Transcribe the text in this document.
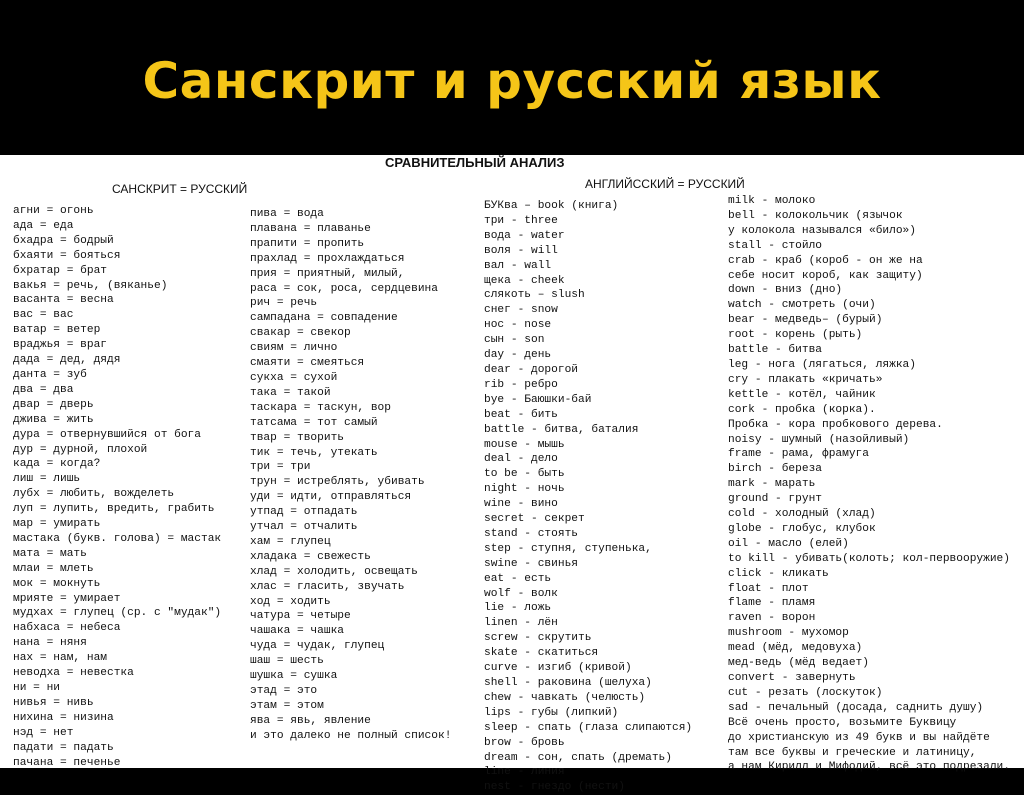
Санскрит и русский язык
СРАВНИТЕЛЬНЫЙ АНАЛИЗ
САНСКРИТ = РУССКИЙ	АНГЛИЙССКИЙ = РУССКИЙ
агни = огонь
ада = еда
бхадра = бодрый
бхаяти = бояться
бхратар = брат
вакья = речь, (вяканье)
васанта = весна
вас = вас
ватар = ветер
враджья = враг
дада = дед, дядя
данта = зуб
два = два
двар = дверь
джива = жить
дура = отвернувшийся от бога
дур = дурной, плохой
када = когда?
лиш = лишь
лубх = любить, вожделеть
луп = лупить, вредить, грабить
мар = умирать
мастака (букв. голова) = мастак
мата = мать
млаи = млеть
мок = мокнуть
мрияте = умирает
мудхах = глупец (ср. с "мудак")
набхаса = небеса
нана = няня
нах = нам, нам
неводха = невестка
ни = ни
нивья = нивь
нихина = низина
нэд = нет
падати = падать
пачана = печенье
пива = вода
плавана = плаванье
прапити = пропить
прахлад = прохлаждаться
прия = приятный, милый,
раса = сок, роса, сердцевина
рич = речь
сампадана = совпадение
свакар = свекор
свиям = лично
смаяти = смеяться
сукха = сухой
така = такой
таскара = таскун, вор
татсама = тот самый
твар = творить
тик = течь, утекать
три = три
трун = истреблять, убивать
уди = идти, отправляться
утпад = отпадать
утчал = отчалить
хам = глупец
хладака = свежесть
хлад = холодить, освещать
хлас = гласить, звучать
ход = ходить
чатура = четыре
чашака = чашка
чуда = чудак, глупец
шаш = шесть
шушка = сушка
этад = это
этам = этом
ява = явь, явление
и это далеко не полный список!
БУКва – book (книга)
три - three
вода - water
воля - will
вал - wall
щека - cheek
слякоть – slush
снег - snow
нос - nose
сын - son
day - день
dear - дорогой
rib - ребро
bye - Баюшки-бай
beat - бить
battle - битва, баталия
mouse - мышь
deal - дело
to be - быть
night - ночь
wine - вино
secret - секрет
stand - стоять
step - ступня, ступенька,
swine - свинья
eat - есть
wolf - волк
lie - ложь
linen - лён
screw - скрутить
skate - скатиться
curve - изгиб (кривой)
shell - раковина (шелуха)
chew - чавкать (челюсть)
lips - губы (липкий)
sleep - спать (глаза слипаются)
brow - бровь
dream - сон, спать (дремать)
line - линия
nest - гнездо (нести)
milk - молоко
bell - колокольчик (язычок
у колокола назывался «било»)
stall - стойло
crab - краб (короб - он же на
себе носит короб, как защиту)
down - вниз (дно)
watch - смотреть (очи)
bear - медведь– (бурый)
root - корень (рыть)
battle - битва
leg - нога (лягаться, ляжка)
cry - плакать «кричать»
kettle - котёл, чайник
cork - пробка (корка).
Пробка - кора пробкового дерева.
noisy - шумный (назойливый)
frame - рама, фрамуга
birch - береза
mark - марать
ground - грунт
cold - холодный (хлад)
globe - глобус, клубок
oil - масло (елей)
to kill - убивать(колоть; кол-первооружие)
click - кликать
float - плот
flame - пламя
raven - ворон
mushroom - мухомор
mead (мёд, медовуха)
мед-ведь (мёд ведает)
convert - завернуть
cut - резать (лоскуток)
sad - печальный (досада, саднить душу)
Всё очень просто, возьмите Буквицу
до христианскую из 49 букв и вы найдёте
там все буквы и греческие и латиницу,
а нам Кирилл и Мифодий, всё это подрезали.
